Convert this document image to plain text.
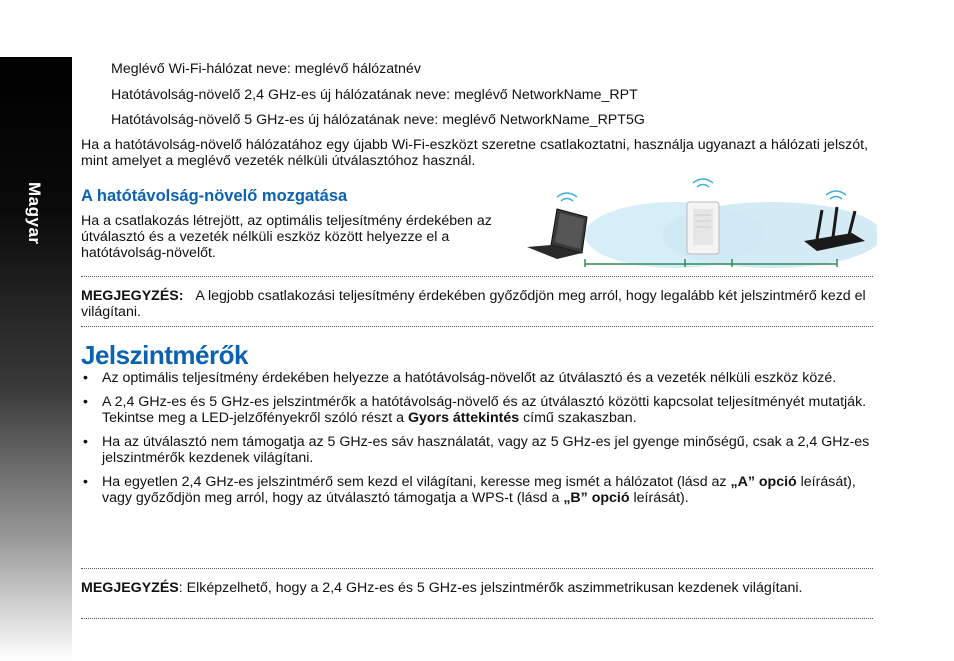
Magyar
Meglévő Wi-Fi-hálózat neve: meglévő hálózatnév
Hatótávolság-növelő 2,4 GHz-es új hálózatának neve: meglévő NetworkName_RPT
Hatótávolság-növelő 5 GHz-es új hálózatának neve: meglévő NetworkName_RPT5G
Ha a hatótávolság-növelő hálózatához egy újabb Wi-Fi-eszközt szeretne csatlakoztatni, használja ugyanazt a hálózati jelszót, mint amelyet a meglévő vezeték nélküli útválasztóhoz használ.
A hatótávolság-növelő mozgatása
Ha a csatlakozás létrejött, az optimális teljesítmény érdekében az útválasztó és a vezeték nélküli eszköz között helyezze el a hatótávolság-növelőt.
MEGJEGYZÉS: A legjobb csatlakozási teljesítmény érdekében győződjön meg arról, hogy legalább két jelszintmérő kezd el világítani.
Jelszintmérők
• Az optimális teljesítmény érdekében helyezze a hatótávolság-növelőt az útválasztó és a vezeték nélküli eszköz közé.
• A 2,4 GHz-es és 5 GHz-es jelszintmérők a hatótávolság-növelő és az útválasztó közötti kapcsolat teljesítményét mutatják. Tekintse meg a LED-jelzőfényekről szóló részt a Gyors áttekintés című szakaszban.
• Ha az útválasztó nem támogatja az 5 GHz-es sáv használatát, vagy az 5 GHz-es jel gyenge minőségű, csak a 2,4 GHz-es jelszintmérők kezdenek világítani.
• Ha egyetlen 2,4 GHz-es jelszintmérő sem kezd el világítani, keresse meg ismét a hálózatot (lásd az „A” opció leírását), vagy győződjön meg arról, hogy az útválasztó támogatja a WPS-t (lásd a „B” opció leírását).
MEGJEGYZÉS: Elképzelhető, hogy a 2,4 GHz-es és 5 GHz-es jelszintmérők aszimmetrikusan kezdenek világítani.
